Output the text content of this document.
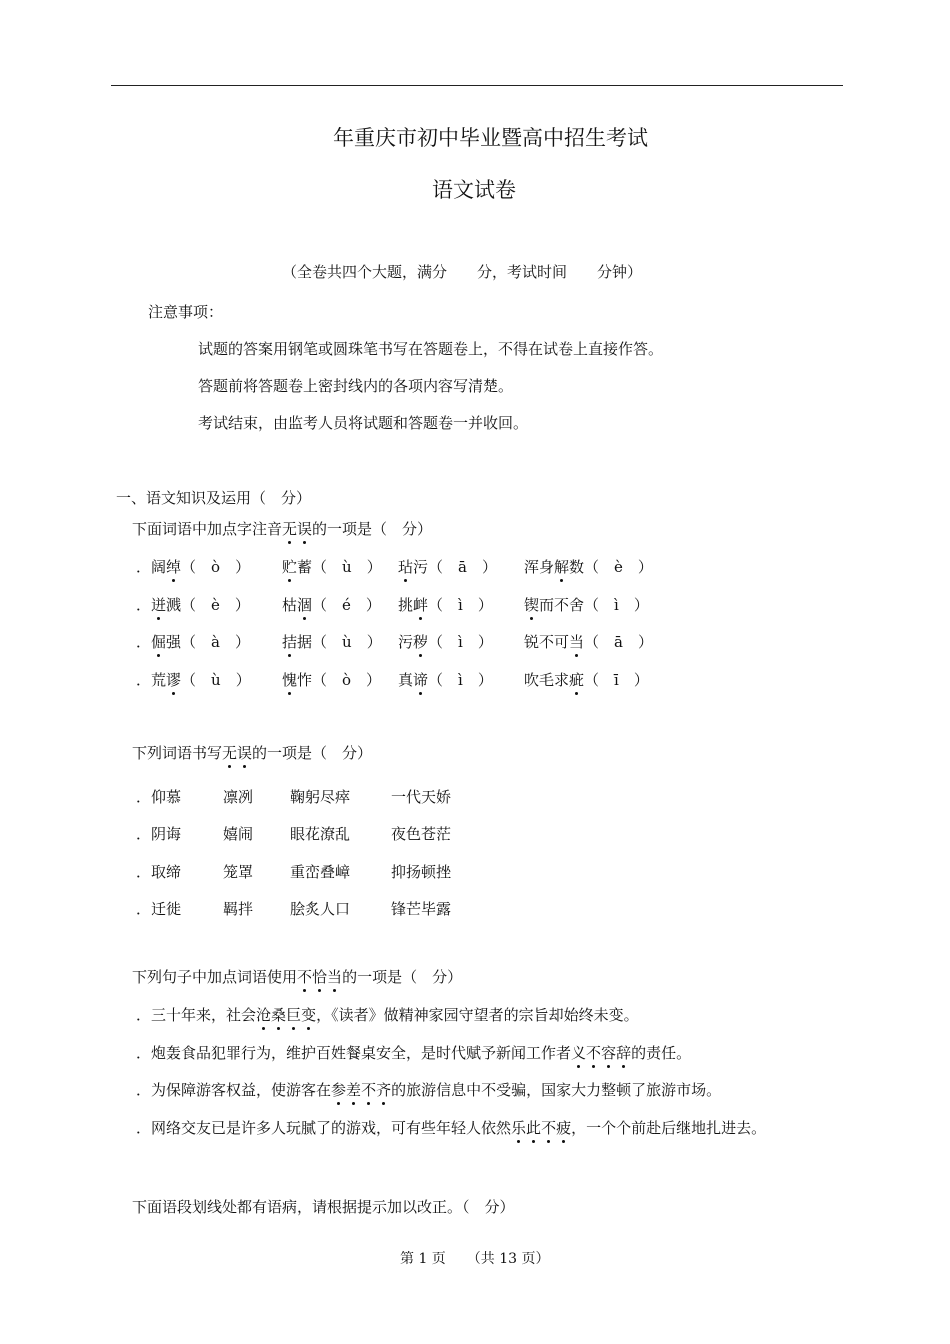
年重庆市初中毕业暨高中招生考试
语文试卷
（全卷共四个大题，满分　　分，考试时间　　分钟）
注意事项：
试题的答案用钢笔或圆珠笔书写在答题卷上，不得在试卷上直接作答。
答题前将答题卷上密封线内的各项内容写清楚。
考试结束，由监考人员将试题和答题卷一并收回。
一、语文知识及运用（　分）
下面词语中加点字注音无误的一项是（　分）
．阔绰（　ò　） 贮蓄（　ù　） 玷污（　ā　） 浑身解数（　è　）
．迸溅（　è　） 枯涸（　é　） 挑衅（　ì　） 锲而不舍（　ì　）
．倔强（　à　） 拮据（　ù　） 污秽（　ì　） 锐不可当（　ā　）
．荒谬（　ù　） 愧怍（　ò　） 真谛（　ì　） 吹毛求疵（　ī　）
下列词语书写无误的一项是（　分）
．仰慕	凛冽 鞠躬尽瘁	一代天娇
．阴诲	嬉闹 眼花潦乱	夜色苍茫
．取缔	笼罩 重峦叠嶂	抑扬顿挫
．迁徙	羁拌 脍炙人口	锋芒毕露
下列句子中加点词语使用不恰当的一项是（　分）
．三十年来，社会沧桑巨变，《读者》做精神家园守望者的宗旨却始终未变。
．炮轰食品犯罪行为，维护百姓餐桌安全，是时代赋予新闻工作者义不容辞的责任。
．为保障游客权益，使游客在参差不齐的旅游信息中不受骗，国家大力整顿了旅游市场。
．网络交友已是许多人玩腻了的游戏，可有些年轻人依然乐此不疲，一个个前赴后继地扎进去。
下面语段划线处都有语病，请根据提示加以改正。（　分）
第 1 页　　（共 13 页）
